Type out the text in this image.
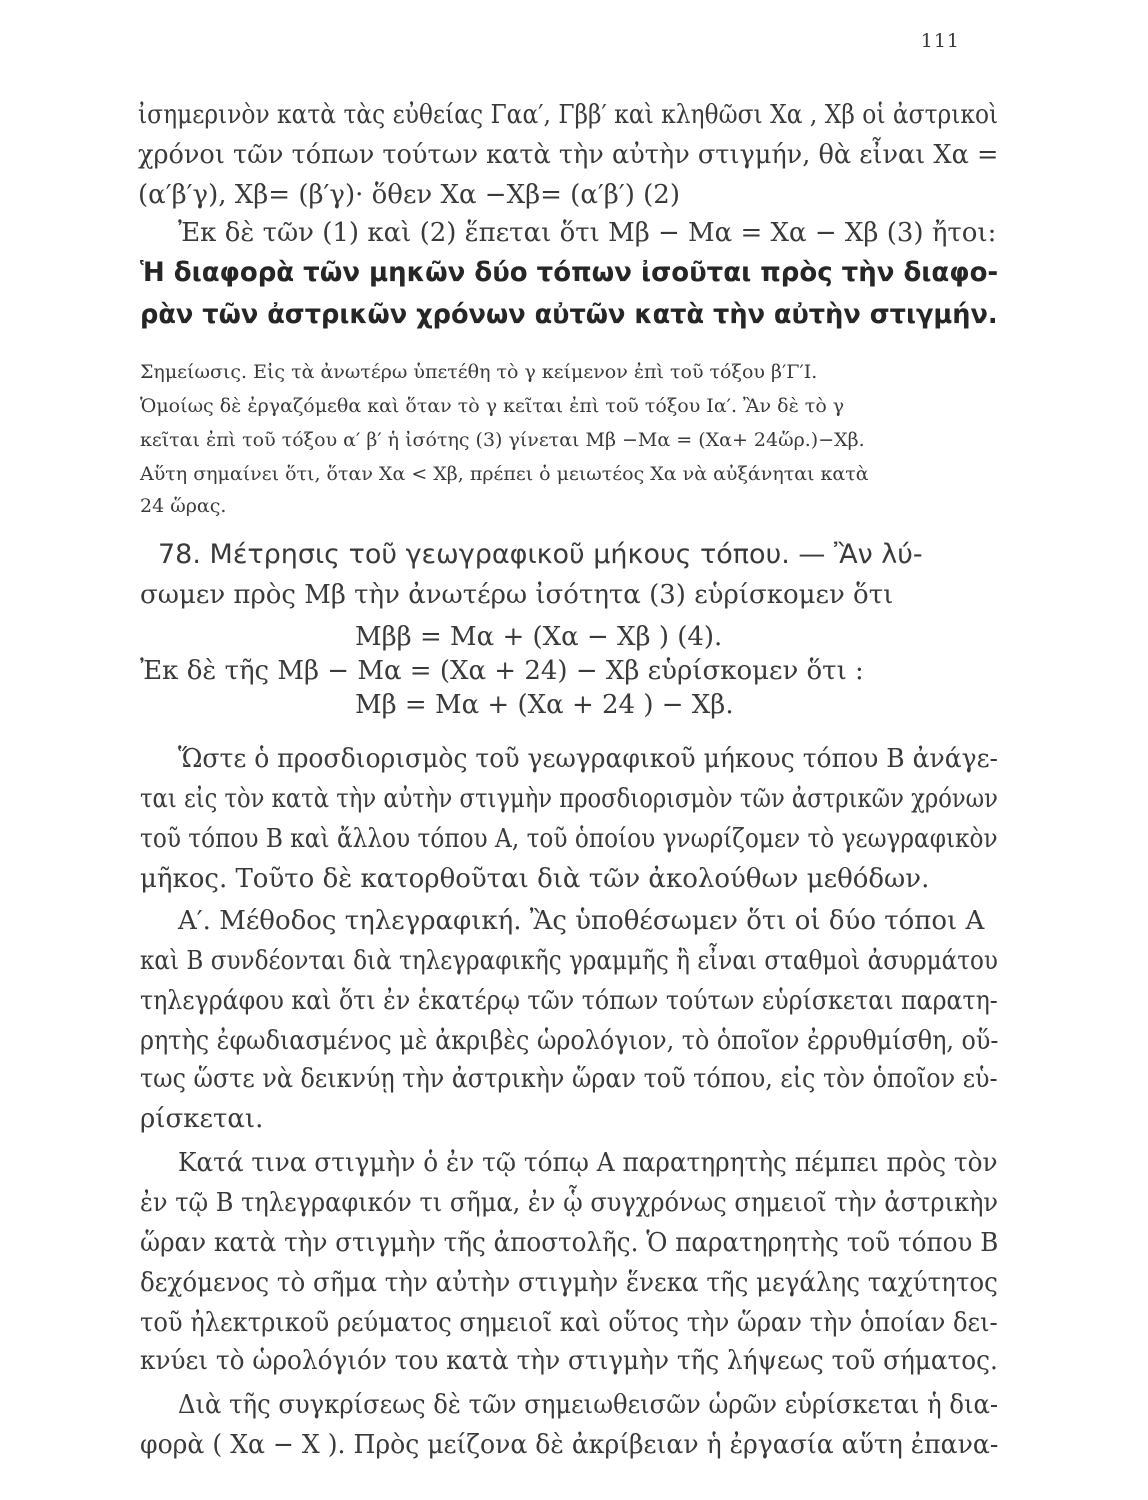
111
ἰσημερινὸν κατὰ τὰς εὐθείας Γαα′, Γββ′ καὶ κληθῶσι Xα , Xβ οἱ ἀστρικοὶ
χρόνοι τῶν τόπων τούτων κατὰ τὴν αὐτὴν στιγμήν, θὰ εἶναι Xα =
(α′β′γ), Xβ= (β′γ)· ὅθεν Xα −Xβ= (α′β′) (2)
Ἐκ δὲ τῶν (1) καὶ (2) ἕπεται ὅτι Mβ − Mα = Xα − Xβ (3) ἤτοι:
Ἡ διαφορὰ τῶν μηκῶν δύο τόπων ἰσοῦται πρὸς τὴν διαφο-
ρὰν τῶν ἀστρικῶν χρόνων αὐτῶν κατὰ τὴν αὐτὴν στιγμήν.
Σημείωσις. Εἰς τὰ ἀνωτέρω ὑπετέθη τὸ γ κείμενον ἐπὶ τοῦ τόξου β′Γ′Ι.
Ὁμοίως δὲ ἐργαζόμεθα καὶ ὅταν τὸ γ κεῖται ἐπὶ τοῦ τόξου Ια′. Ἂν δὲ τὸ γ
κεῖται ἐπὶ τοῦ τόξου α′ β′ ἡ ἰσότης (3) γίνεται Mβ −Mα = (Xα+ 24ὥρ.)−Xβ.
Αὕτη σημαίνει ὅτι, ὅταν Xα < Xβ, πρέπει ὁ μειωτέος Xα νὰ αὐξάνηται κατὰ
24 ὥρας.
78. Μέτρησις τοῦ γεωγραφικοῦ μήκους τόπου. — Ἂν λύ-
σωμεν πρὸς Mβ τὴν ἀνωτέρω ἰσότητα (3) εὑρίσκομεν ὅτι
Mββ = Mα + (Xα − Xβ ) (4).
Ἐκ δὲ τῆς Mβ − Mα = (Xα + 24) − Xβ εὑρίσκομεν ὅτι :
Mβ = Mα + (Xα + 24 ) − Xβ.
Ὥστε ὁ προσδιορισμὸς τοῦ γεωγραφικοῦ μήκους τόπου B ἀνάγε-
ται εἰς τὸν κατὰ τὴν αὐτὴν στιγμὴν προσδιορισμὸν τῶν ἀστρικῶν χρόνων
τοῦ τόπου B καὶ ἄλλου τόπου A, τοῦ ὁποίου γνωρίζομεν τὸ γεωγραφικὸν
μῆκος. Τοῦτο δὲ κατορθοῦται διὰ τῶν ἀκολούθων μεθόδων.
Α′. Μέθοδος τηλεγραφική. Ἂς ὑποθέσωμεν ὅτι οἱ δύο τόποι A
καὶ B συνδέονται διὰ τηλεγραφικῆς γραμμῆς ἢ εἶναι σταθμοὶ ἀσυρμάτου
τηλεγράφου καὶ ὅτι ἐν ἑκατέρῳ τῶν τόπων τούτων εὑρίσκεται παρατη-
ρητὴς ἐφωδιασμένος μὲ ἀκριβὲς ὡρολόγιον, τὸ ὁποῖον ἐρρυθμίσθη, οὕ-
τως ὥστε νὰ δεικνύῃ τὴν ἀστρικὴν ὥραν τοῦ τόπου, εἰς τὸν ὁποῖον εὑ-
ρίσκεται.
Κατά τινα στιγμὴν ὁ ἐν τῷ τόπῳ A παρατηρητὴς πέμπει πρὸς τὸν
ἐν τῷ B τηλεγραφικόν τι σῆμα, ἐν ᾧ συγχρόνως σημειοῖ τὴν ἀστρικὴν
ὥραν κατὰ τὴν στιγμὴν τῆς ἀποστολῆς. Ὁ παρατηρητὴς τοῦ τόπου B
δεχόμενος τὸ σῆμα τὴν αὐτὴν στιγμὴν ἕνεκα τῆς μεγάλης ταχύτητος
τοῦ ἠλεκτρικοῦ ρεύματος σημειοῖ καὶ οὕτος τὴν ὥραν τὴν ὁποίαν δει-
κνύει τὸ ὡρολόγιόν του κατὰ τὴν στιγμὴν τῆς λήψεως τοῦ σήματος.
Διὰ τῆς συγκρίσεως δὲ τῶν σημειωθεισῶν ὡρῶν εὑρίσκεται ἡ δια-
φορὰ ( Xα − X ). Πρὸς μείζονα δὲ ἀκρίβειαν ἡ ἐργασία αὕτη ἐπανα-
